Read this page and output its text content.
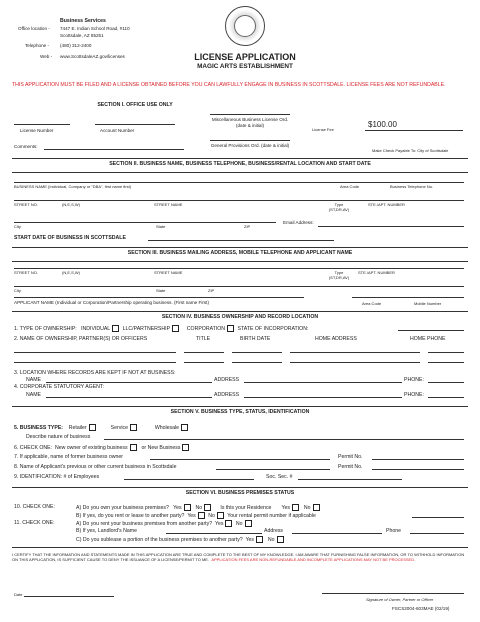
Business Services
Office location - 7447 E. Indian School Road, #110
Scottsdale, AZ 85251
Telephone - (480) 312-2400
Web - www.ScottsdaleAZ.gov/licenses	LICENSE APPLICATION
MAGIC ARTS ESTABLISHMENT
THIS APPLICATION MUST BE FILED AND A LICENSE OBTAINED BEFORE YOU CAN LAWFULLY ENGAGE IN BUSINESS IN SCOTTSDALE. LICENSE FEES ARE NOT REFUNDABLE.
SECTION I. OFFICE USE ONLY
License Number	Account Number
Miscellaneous Business License Ord. (date & initial)
License Fee
$100.00
Comments:	General Provisions Ord. (date & initial)
Make Check Payable To: City of Scottsdale
SECTION II. BUSINESS NAME, BUSINESS TELEPHONE, BUSINESS/RENTAL LOCATION AND START DATE
BUSINESS NAME (Individual, Company or "DBA", first name first)	Area Code	Business Telephone No.
STREET NO.	(N,E,S,W)	STREET NAME	Type
(ST,DR,AV)
STE./APT. NUMBER
City	State	ZIP
Email Address:
START DATE OF BUSINESS IN SCOTTSDALE
SECTION III. BUSINESS MAILING ADDRESS, MOBILE TELEPHONE AND APPLICANT NAME
STREET NO.	(N,E,S,W)	STREET NAME	Type
(ST,DR,AV)
STE./APT. NUMBER
City	State	ZIP
APPLICANT NAME (Individual or Corporation/Partnership operating business. (First name First)	Area Code	Mobile Number
SECTION IV. BUSINESS OWNERSHIP AND RECORD LOCATION
1. TYPE OF OWNERSHIP: INDIVIDUAL LLC/PARTNERSHIP	CORPORATION STATE OF INCORPORATION:
2. NAME OF OWNERSHIP, PARTNER(S) OR OFFICERS	TITLE	BIRTH DATE	HOME ADDRESS	HOME PHONE
3. LOCATION WHERE RECORDS ARE KEPT IF NOT AT BUSINESS:
NAME	ADDRESS	PHONE:
4. CORPORATE STATUTORY AGENT:
NAME	ADDRESS	PHONE:
SECTION V. BUSINESS TYPE, STATUS, IDENTIFICATION
5. BUSINESS TYPE: Retailer	Service	Wholesale
Describe nature of business
6. CHECK ONE: New owner of existing business	or New Business
7. If applicable, name of former business owner	Permit No.
8. Name of Applicant's previous or other current business in Scottsdale	Permit No.
9. IDENTIFICATION: # of Employees	Soc. Sec. #
SECTION VI. BUSINESS PREMISES STATUS
10. CHECK ONE:	A) Do you own your business premises? Yes	No	Is this your Residence Yes	No
B) If yes, do you rent or lease to another party? Yes No Your rental permit number if applicable
11. CHECK ONE:	A) Do you rent your business premises from another party? Yes No
B) If yes, Landlord's Name	Address	Phone
C) Do you sublease a portion of the business premises to another party? Yes	No
I CERTIFY THAT THE INFORMATION AND STATEMENTS MADE IN THIS APPLICATION ARE TRUE AND COMPLETE TO THE BEST OF MY KNOWLEDGE. I AM AWARE THAT FURNISHING FALSE INFORMATION, OR TO WITHHOLD INFORMATION ON THIS APPLICATION, IS SUFFICIENT CAUSE TO DENY THE ISSUANCE OF A LICENSE/PERMIT TO ME. APPLICATION FEES ARE NON-REFUNDABLE AND INCOMPLETE APPLICATIONS MAY NOT BE PROCESSED.
Date
Signature of Owner, Partner or Officer
FSCS2004-603MAE (02/19)
